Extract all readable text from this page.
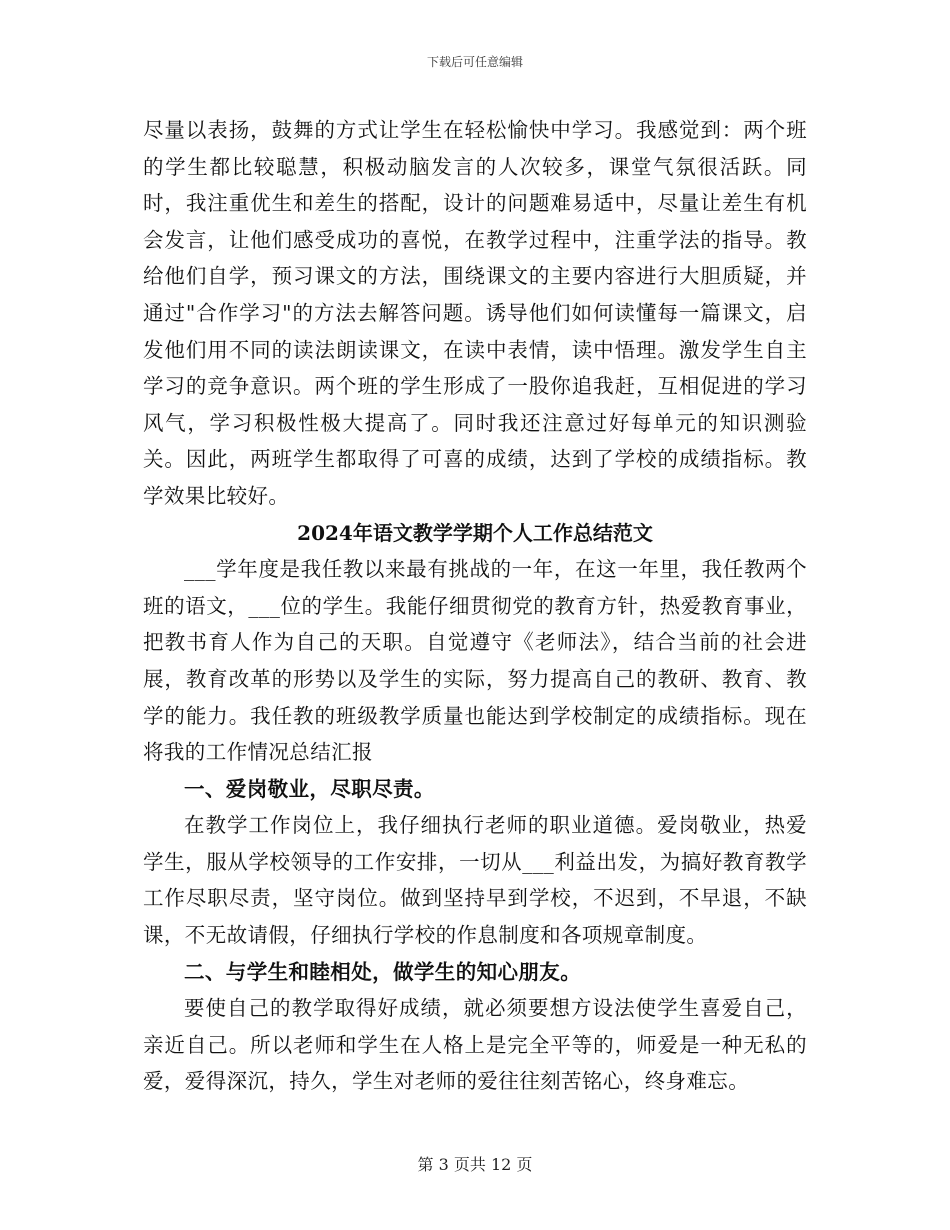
下载后可任意编辑

尽量以表扬，鼓舞的方式让学生在轻松愉快中学习。我感觉到：两个班的学生都比较聪慧，积极动脑发言的人次较多，课堂气氛很活跃。同时，我注重优生和差生的搭配，设计的问题难易适中，尽量让差生有机会发言，让他们感受成功的喜悦，在教学过程中，注重学法的指导。教给他们自学，预习课文的方法，围绕课文的主要内容进行大胆质疑，并通过"合作学习"的方法去解答问题。诱导他们如何读懂每一篇课文，启发他们用不同的读法朗读课文，在读中表情，读中悟理。激发学生自主学习的竞争意识。两个班的学生形成了一股你追我赶，互相促进的学习风气，学习积极性极大提高了。同时我还注意过好每单元的知识测验关。因此，两班学生都取得了可喜的成绩，达到了学校的成绩指标。教学效果比较好。

2024年语文教学学期个人工作总结范文

___学年度是我任教以来最有挑战的一年，在这一年里，我任教两个班的语文，___位的学生。我能仔细贯彻党的教育方针，热爱教育事业，把教书育人作为自己的天职。自觉遵守《老师法》，结合当前的社会进展，教育改革的形势以及学生的实际，努力提高自己的教研、教育、教学的能力。我任教的班级教学质量也能达到学校制定的成绩指标。现在将我的工作情况总结汇报

一、爱岗敬业，尽职尽责。

在教学工作岗位上，我仔细执行老师的职业道德。爱岗敬业，热爱学生，服从学校领导的工作安排，一切从___利益出发，为搞好教育教学工作尽职尽责，坚守岗位。做到坚持早到学校，不迟到，不早退，不缺课，不无故请假，仔细执行学校的作息制度和各项规章制度。

二、与学生和睦相处，做学生的知心朋友。

要使自己的教学取得好成绩，就必须要想方设法使学生喜爱自己，亲近自己。所以老师和学生在人格上是完全平等的，师爱是一种无私的爱，爱得深沉，持久，学生对老师的爱往往刻苦铭心，终身难忘。

第 3 页共 12 页
